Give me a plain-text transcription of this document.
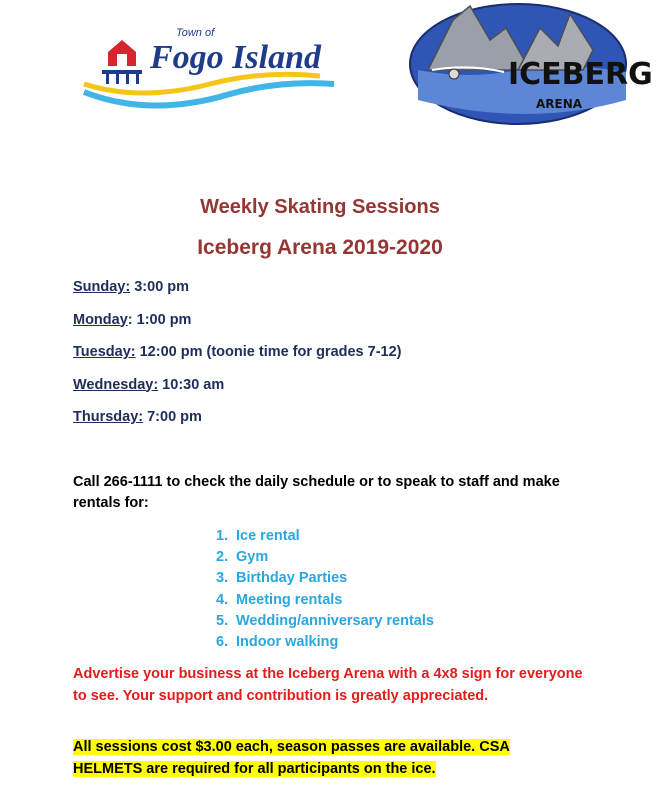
Town of
Fogo Island	ICEBERG
ARENA
Weekly Skating Sessions
Iceberg Arena 2019-2020
Sunday: 3:00 pm
Monday: 1:00 pm
Tuesday: 12:00 pm (toonie time for grades 7-12)
Wednesday: 10:30 am
Thursday: 7:00 pm

Call 266-1111 to check the daily schedule or to speak to staff and make rentals for:

1. Ice rental
2. Gym
3. Birthday Parties
4. Meeting rentals
5. Wedding/anniversary rentals
6. Indoor walking

Advertise your business at the Iceberg Arena with a 4x8 sign for everyone to see. Your support and contribution is greatly appreciated.

All sessions cost $3.00 each, season passes are available. CSA
HELMETS are required for all participants on the ice.
